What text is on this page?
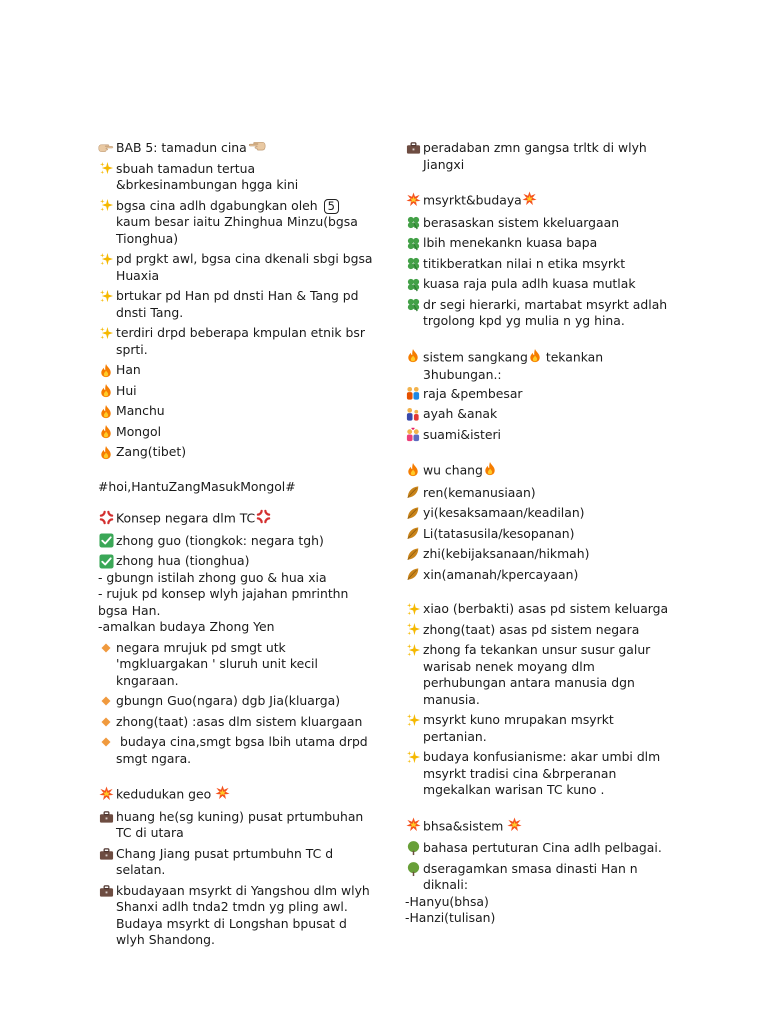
BAB 5: tamadun cina
sbuah tamadun tertua &brkesinambungan hgga kini
bgsa cina adlh dgabungkan oleh 5
kaum besar iaitu Zhinghua Minzu(bgsa Tionghua)
pd prgkt awl, bgsa cina dkenali sbgi bgsa Huaxia
brtukar pd Han pd dnsti Han & Tang pd dnsti Tang.
terdiri drpd beberapa kmpulan etnik bsr sprti.
Han
Hui
Manchu
Mongol
Zang(tibet)
#hoi,HantuZangMasukMongol#
Konsep negara dlm TC
zhong guo (tiongkok: negara tgh)
zhong hua (tionghua)
- gbungn istilah zhong guo & hua xia
- rujuk pd konsep wlyh jajahan pmrinthn bgsa Han.
-amalkan budaya Zhong Yen
negara mrujuk pd smgt utk 'mgkluargakan ' sluruh unit kecil kngaraan.
gbungn Guo(ngara) dgb Jia(kluarga)
zhong(taat) :asas dlm sistem kluargaan
budaya cina,smgt bgsa lbih utama drpd smgt ngara.
kedudukan geo
huang he(sg kuning) pusat prtumbuhan TC di utara
Chang Jiang pusat prtumbuhn TC d selatan.
kbudayaan msyrkt di Yangshou dlm wlyh Shanxi adlh tnda2 tmdn yg pling awl. Budaya msyrkt di Longshan bpusat d wlyh Shandong.
peradaban zmn gangsa trltk di wlyh Jiangxi
msyrkt&budaya
berasaskan sistem kkeluargaan
lbih menekankn kuasa bapa
titikberatkan nilai n etika msyrkt
kuasa raja pula adlh kuasa mutlak
dr segi hierarki, martabat msyrkt adlah trgolong kpd yg mulia n yg hina.
sistem sangkang tekankan 3hubungan.:
raja &pembesar
ayah &anak
suami&isteri
wu chang
ren(kemanusiaan)
yi(kesaksamaan/keadilan)
Li(tatasusila/kesopanan)
zhi(kebijaksanaan/hikmah)
xin(amanah/kpercayaan)
xiao (berbakti) asas pd sistem keluarga
zhong(taat) asas pd sistem negara
zhong fa tekankan unsur susur galur warisab nenek moyang dlm perhubungan antara manusia dgn manusia.
msyrkt kuno mrupakan msyrkt pertanian.
budaya konfusianisme: akar umbi dlm msyrkt tradisi cina &brperanan mgekalkan warisan TC kuno .
bhsa&sistem
bahasa pertuturan Cina adlh pelbagai.
dseragamkan smasa dinasti Han n diknali:
-Hanyu(bhsa)
-Hanzi(tulisan)
